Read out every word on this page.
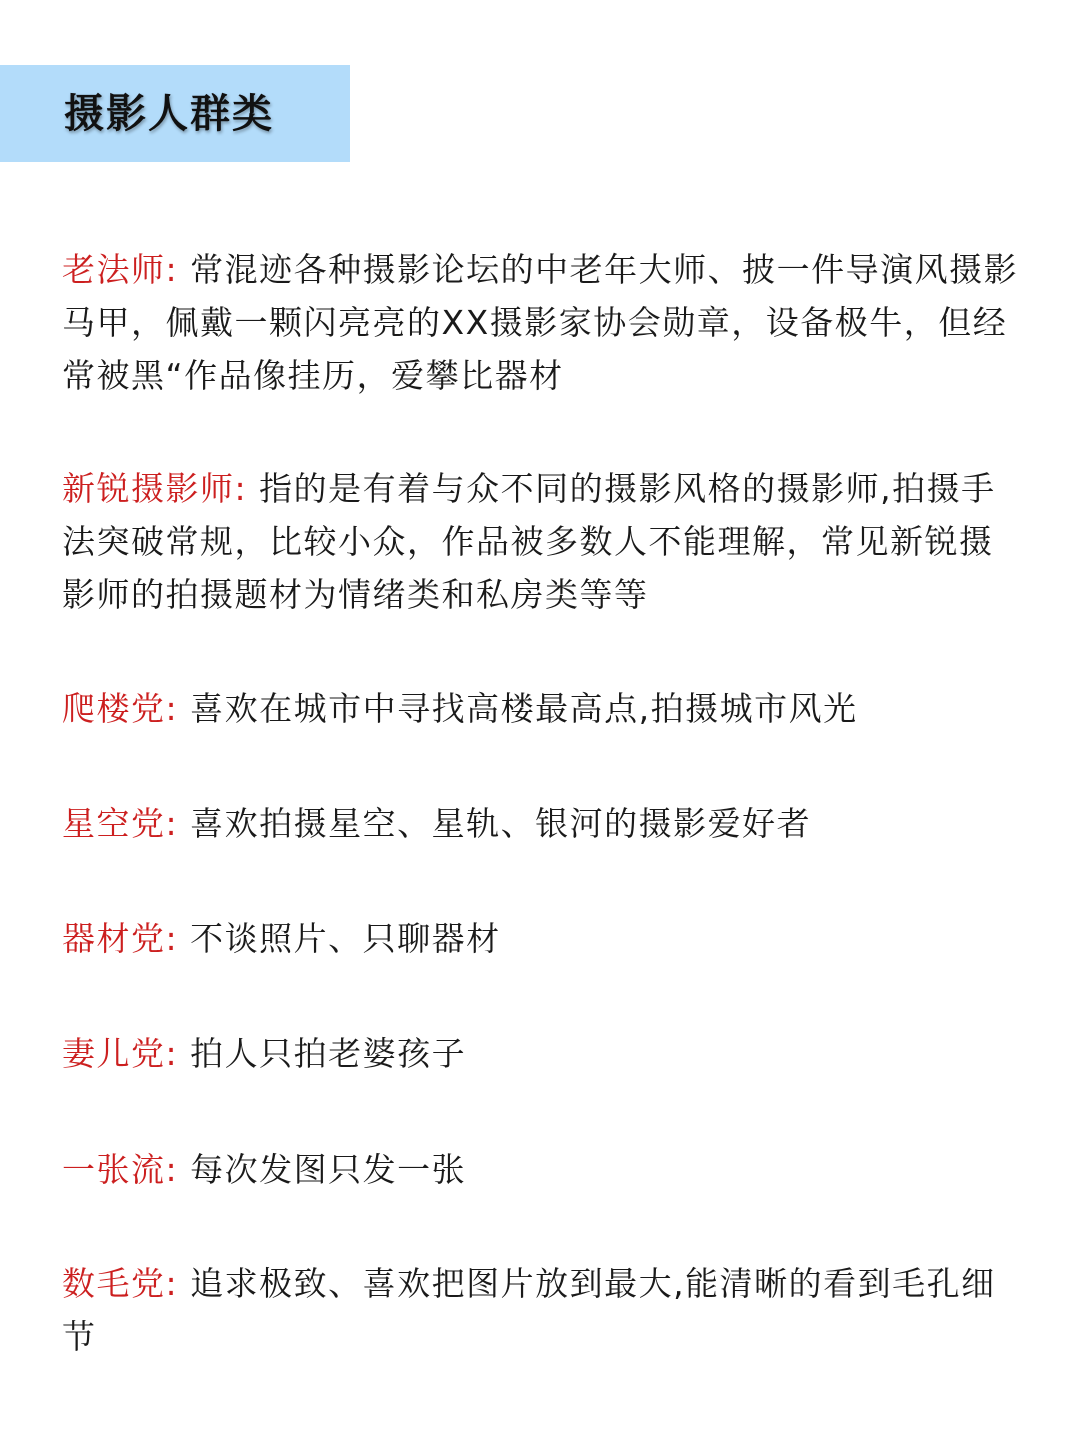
摄影人群类

老法师: 常混迹各种摄影论坛的中老年大师、披一件导演风摄影马甲，佩戴一颗闪亮亮的XX摄影家协会勋章，设备极牛，但经常被黑“作品像挂历，爱攀比器材

新锐摄影师: 指的是有着与众不同的摄影风格的摄影师,拍摄手法突破常规，比较小众，作品被多数人不能理解，常见新锐摄影师的拍摄题材为情绪类和私房类等等

爬楼党: 喜欢在城市中寻找高楼最高点,拍摄城市风光

星空党: 喜欢拍摄星空、星轨、银河的摄影爱好者

器材党: 不谈照片、只聊器材

妻儿党: 拍人只拍老婆孩子

一张流: 每次发图只发一张

数毛党: 追求极致、喜欢把图片放到最大,能清晰的看到毛孔细节
